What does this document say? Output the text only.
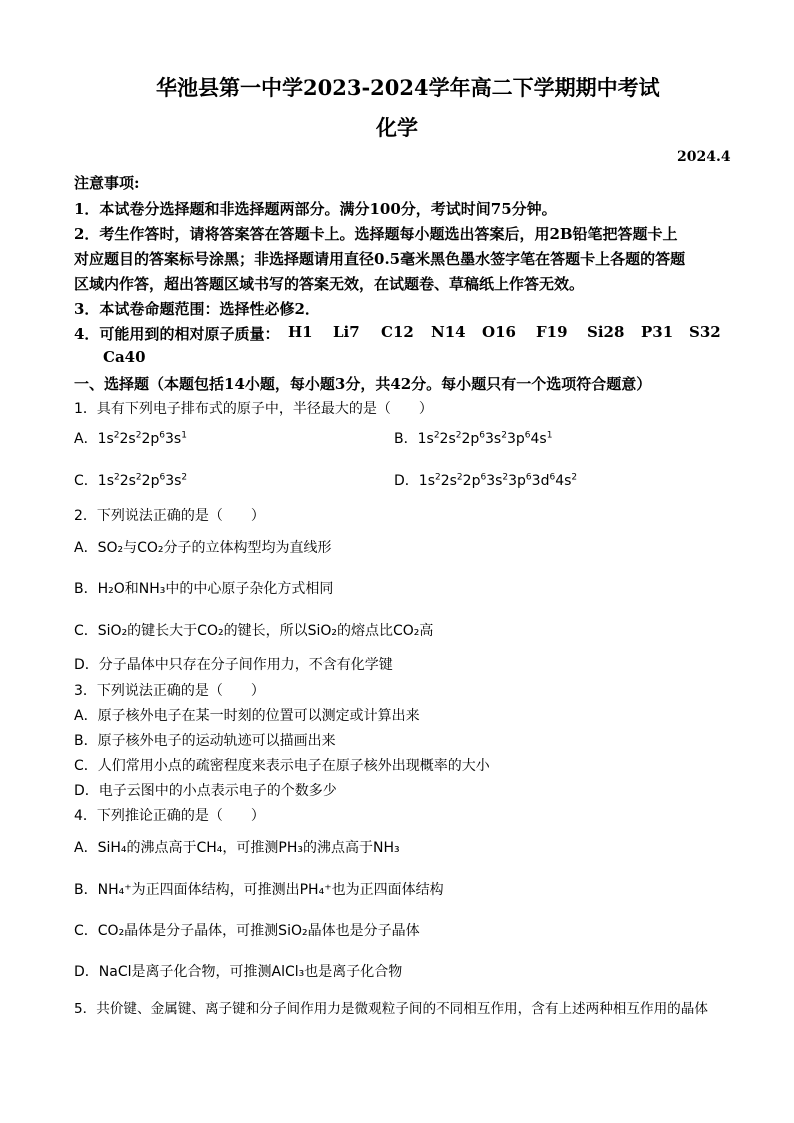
华池县第一中学2023-2024学年高二下学期期中考试
化学
2024.4
注意事项:
1．本试卷分选择题和非选择题两部分。满分100分，考试时间75分钟。
2．考生作答时，请将答案答在答题卡上。选择题每小题选出答案后，用2B铅笔把答题卡上
对应题目的答案标号涂黑；非选择题请用直径0.5毫米黑色墨水签字笔在答题卡上各题的答题
区域内作答，超出答题区域书写的答案无效，在试题卷、草稿纸上作答无效。
3．本试卷命题范围：选择性必修2．
4．可能用到的相对原子质量： H1 Li7 C12 N14 O16 F19 Si28 P31 S32
Ca40
一、选择题（本题包括14小题，每小题3分，共42分。每小题只有一个选项符合题意）
1．具有下列电子排布式的原子中，半径最大的是（　　）
A．$1s^22s^22p^63s^1$	B．$1s^22s^22p^63s^23p^64s^1$
C．$1s^22s^22p^63s^2$	D．$1s^22s^22p^63s^23p^63d^64s^2$
2．下列说法正确的是（　　）
A．SO₂与CO₂分子的立体构型均为直线形
B．H₂O和NH₃中的中心原子杂化方式相同
C．SiO₂的键长大于CO₂的键长，所以SiO₂的熔点比CO₂高
D．分子晶体中只存在分子间作用力，不含有化学键
3．下列说法正确的是（　　）
A．原子核外电子在某一时刻的位置可以测定或计算出来
B．原子核外电子的运动轨迹可以描画出来
C．人们常用小点的疏密程度来表示电子在原子核外出现概率的大小
D．电子云图中的小点表示电子的个数多少
4．下列推论正确的是（　　）
A．SiH₄的沸点高于CH₄，可推测PH₃的沸点高于NH₃
B．NH₄⁺为正四面体结构，可推测出PH₄⁺也为正四面体结构
C．CO₂晶体是分子晶体，可推测SiO₂晶体也是分子晶体
D．NaCl是离子化合物，可推测AlCl₃也是离子化合物
5．共价键、金属键、离子键和分子间作用力是微观粒子间的不同相互作用，含有上述两种相互作用的晶体
